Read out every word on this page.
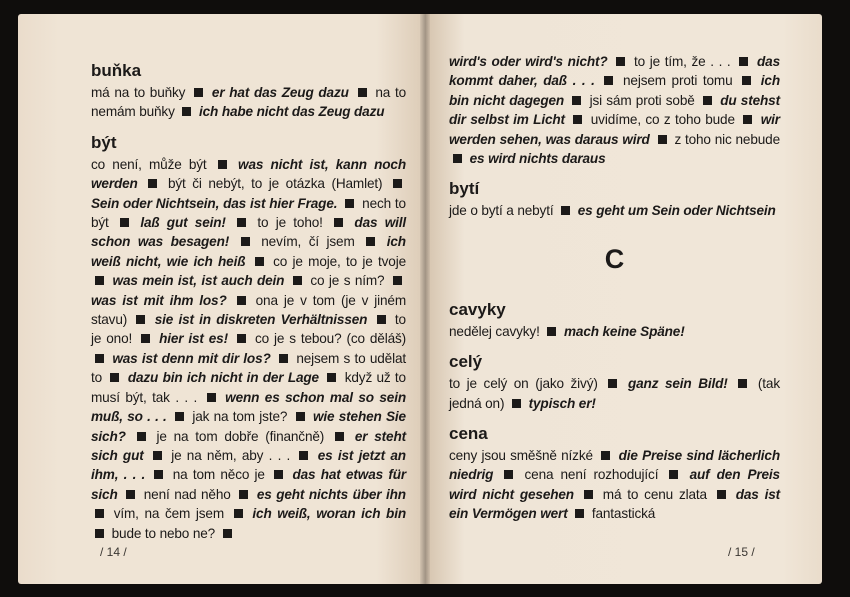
buňka

má na to buňky er hat das Zeug dazu na to nemám buňky ich habe nicht das Zeug dazu

být

co není, může být was nicht ist, kann noch werden být či nebýt, to je otázka (Hamlet)  Sein oder Nichtsein, das ist hier Frage. nech to být laß gut sein! to je toho! das will schon was besagen! nevím, čí jsem ich weiß nicht, wie ich heiß co je moje, to je tvoje  was mein ist, ist auch dein co je s ním?  was ist mit ihm los? ona je v tom (je v jiném stavu) sie ist in diskreten Verhältnissen to je ono! hier ist es! co je s tebou? (co děláš)  was ist denn mit dir los? nejsem s to udělat to dazu bin ich nicht in der Lage když už to musí být, tak . . . wenn es schon mal so sein muß, so . . . jak na tom jste? wie stehen Sie sich? je na tom dobře (finančně) er steht sich gut je na něm, aby . . . es ist jetzt an ihm, . . . na tom něco je das hat etwas für sich není nad něho es geht nichts über ihn  vím, na čem jsem ich weiß, woran ich bin  bude to nebo ne?

/ 14 /

wird's oder wird's nicht? to je tím, že . . . das kommt daher, daß . . . nejsem proti tomu ich bin nicht dagegen jsi sám proti sobě du stehst dir selbst im Licht uvidíme, co z toho bude wir werden sehen, was daraus wird z toho nic nebude  es wird nichts daraus

bytí

jde o bytí a nebytí es geht um Sein oder Nichtsein

C
cavyky

nedělej cavyky! mach keine Späne!

celý

to je celý on (jako živý) ganz sein Bild! (tak jedná on) typisch er!

cena

ceny jsou směšně nízké die Preise sind lächerlich niedrig cena není rozhodující auf den Preis wird nicht gesehen má to cenu zlata das ist ein Vermögen wert fantastická

/ 15 /
